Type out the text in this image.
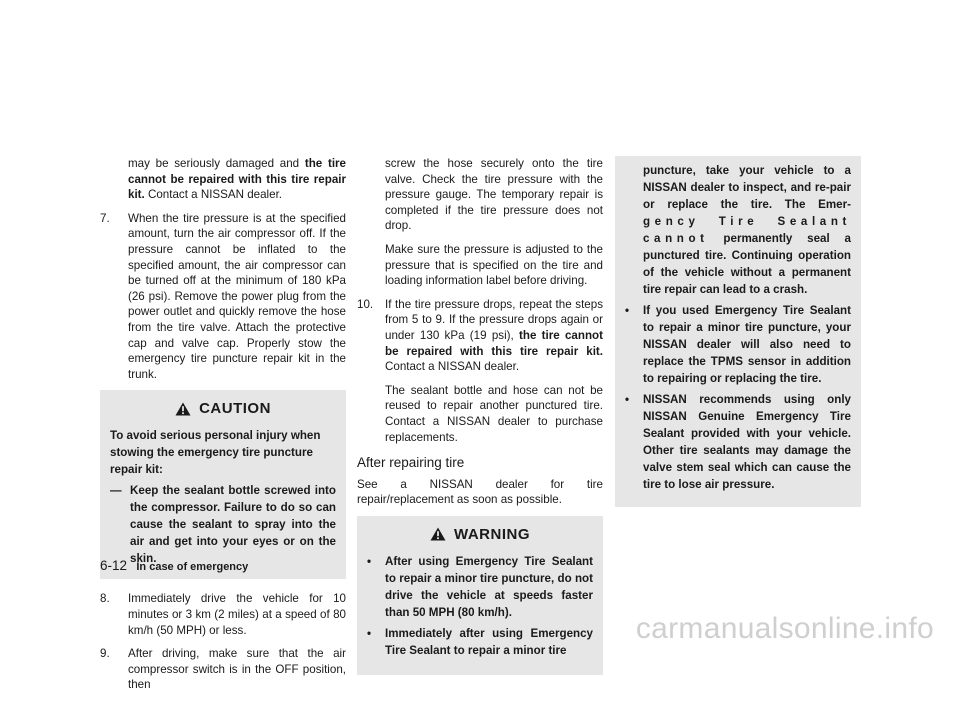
may be seriously damaged and the tire cannot be repaired with this tire repair kit. Contact a NISSAN dealer.

7.	When the tire pressure is at the specified amount, turn the air compressor off. If the pressure cannot be inflated to the specified amount, the air compressor can be turned off at the minimum of 180 kPa (26 psi). Remove the power plug from the power outlet and quickly remove the hose from the tire valve. Attach the protective cap and valve cap. Properly stow the emergency tire puncture repair kit in the trunk.
CAUTION
To avoid serious personal injury when stowing the emergency tire puncture repair kit:
— Keep the sealant bottle screwed into the compressor. Failure to do so can cause the sealant to spray into the air and get into your eyes or on the skin.
8.	Immediately drive the vehicle for 10 minutes or 3 km (2 miles) at a speed of 80 km/h (50 MPH) or less.
9.	After driving, make sure that the air compressor switch is in the OFF position, then

screw the hose securely onto the tire valve. Check the tire pressure with the pressure gauge. The temporary repair is completed if the tire pressure does not drop.

Make sure the pressure is adjusted to the pressure that is specified on the tire and loading information label before driving.

10.	If the tire pressure drops, repeat the steps from 5 to 9. If the pressure drops again or under 130 kPa (19 psi), the tire cannot be repaired with this tire repair kit. Contact a NISSAN dealer.

The sealant bottle and hose can not be reused to repair another punctured tire. Contact a NISSAN dealer to purchase replacements.

After repairing tire

See a NISSAN dealer for tire repair/replacement as soon as possible.

WARNING
•	After using Emergency Tire Sealant to repair a minor tire puncture, do not drive the vehicle at speeds faster than 50 MPH (80 km/h).
•	Immediately after using Emergency Tire Sealant to repair a minor tire
puncture, take your vehicle to a NISSAN dealer to inspect, and re-pair or replace the tire. The Emer- gency Tire Sealant cannot permanently seal a punctured tire. Continuing operation of the vehicle without a permanent tire repair can lead to a crash.
•	If you used Emergency Tire Sealant to repair a minor tire puncture, your NISSAN dealer will also need to replace the TPMS sensor in addition to repairing or replacing the tire.
•	NISSAN recommends using only NISSAN Genuine Emergency Tire Sealant provided with your vehicle. Other tire sealants may damage the valve stem seal which can cause the tire to lose air pressure.
6-12 In case of emergency
carmanualsonline.info
